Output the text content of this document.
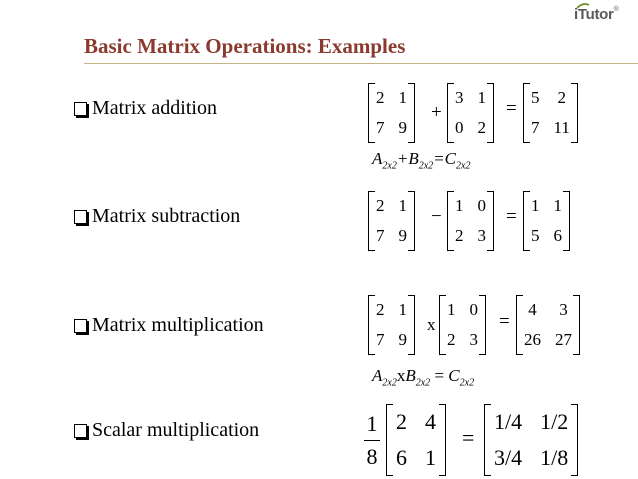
iTutor®
Basic Matrix Operations: Examples
Matrix addition
Matrix subtraction
Matrix multiplication
Scalar multiplication
2 1
7 9
+
3 1
0 2
=
5	2
7 11
$A_{2x2}+B_{2x2}=C_{2x2}$
2 1
7 9
−
1 0
2 3
=
1 1
5 6
2 1
7 9
x
1 0
2 3
=
4	3
26 27
$A_{2x2}xB_{2x2} = C_{2x2}$
1
8
2 4
6 1
=
1/4 1/2
3/4 1/8
